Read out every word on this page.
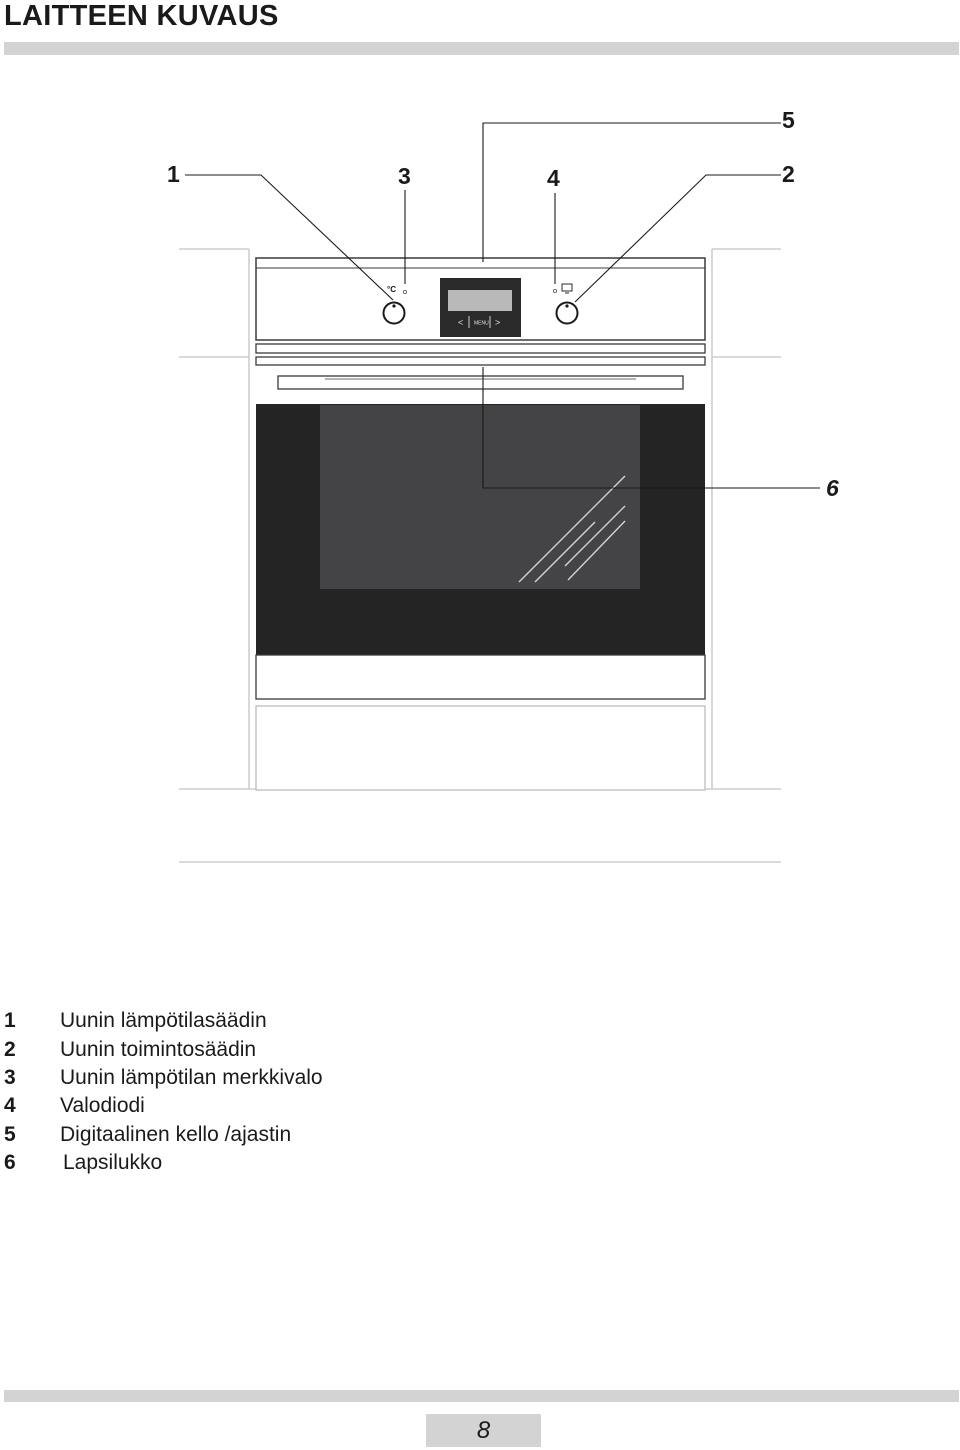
LAITTEEN KUVAUS
°C
< MENU >
1	3	4
5
2
6
1	Uunin lämpötilasäädin
2	Uunin toimintosäädin
3	Uunin lämpötilan merkkivalo
4	Valodiodi
5	Digitaalinen kello /ajastin
6	Lapsilukko
8
